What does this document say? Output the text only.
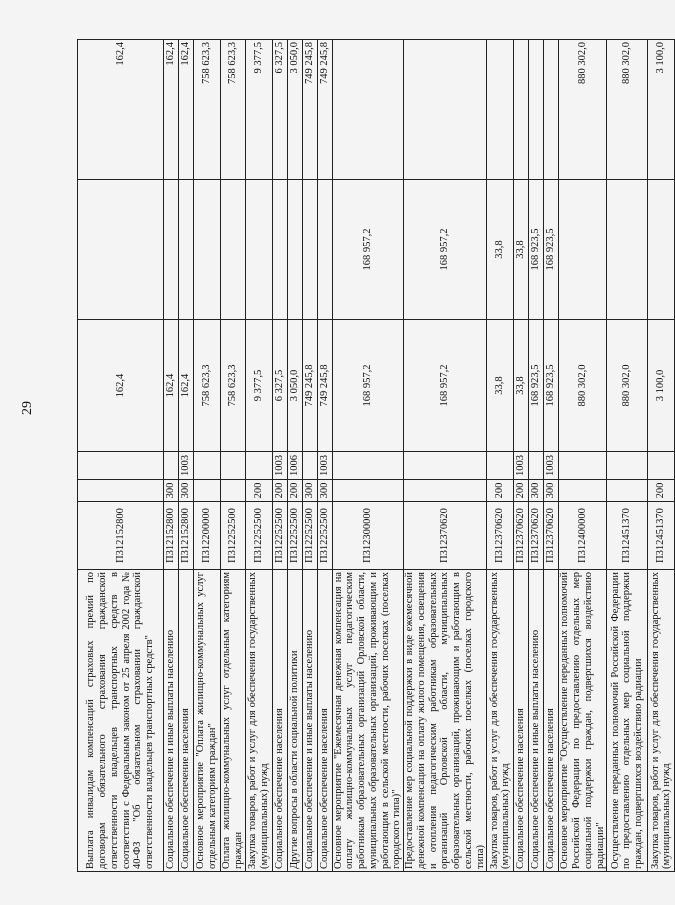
29
Выплата инвалидам компенсаций страховых премий по договорам обязательного страхования гражданской ответственности владельцев транспортных средств в соответствии с Федеральным законом от 25 апреля 2002 года № 40-ФЗ "Об обязательном страховании гражданской ответственности владельцев транспортных средств"	П312152800			162,4		162,4
Социальное обеспечение и иные выплаты населению	П312152800	300		162,4		162,4
Социальное обеспечение населения	П312152800	300	1003	162,4		162,4
Основное мероприятие "Оплата жилищно-коммунальных услуг отдельным категориям граждан"	П312200000			758 623,3		758 623,3
Оплата жилищно-коммунальных услуг отдельным категориям граждан	П312252500			758 623,3		758 623,3
Закупка товаров, работ и услуг для обеспечения государственных (муниципальных) нужд	П312252500	200		9 377,5		9 377,5
Социальное обеспечение населения	П312252500	200	1003	6 327,5		6 327,5
Другие вопросы в области социальной политики	П312252500	200	1006	3 050,0		3 050,0
Социальное обеспечение и иные выплаты населению	П312252500	300		749 245,8		749 245,8
Социальное обеспечение населения	П312252500	300	1003	749 245,8		749 245,8
Основное мероприятие "Ежемесячная денежная компенсация на оплату жилищно-коммунальных услуг педагогическим работникам образовательных организаций Орловской области, муниципальных образовательных организаций, проживающим и работающим в сельской местности, рабочих поселках (поселках городского типа)"	П312300000			168 957,2	168 957,2	
Предоставление мер социальной поддержки в виде ежемесячной денежной компенсации на оплату жилого помещения, освещения и отопления педагогическим работникам образовательных организаций Орловской области, муниципальных образовательных организаций, проживающим и работающим в сельской местности, рабочих поселках (поселках городского типа)	П312370620			168 957,2	168 957,2	
Закупка товаров, работ и услуг для обеспечения государственных (муниципальных) нужд	П312370620	200		33,8	33,8	
Социальное обеспечение населения	П312370620	200	1003	33,8	33,8	
Социальное обеспечение и иные выплаты населению	П312370620	300		168 923,5	168 923,5	
Социальное обеспечение населения	П312370620	300	1003	168 923,5	168 923,5	
Основное мероприятие "Осуществление переданных полномочий Российской Федерации по предоставлению отдельных мер социальной поддержки граждан, подвергшихся воздействию радиации"	П312400000			880 302,0		880 302,0
Осуществление переданных полномочий Российской Федерации по предоставлению отдельных мер социальной поддержки граждан, подвергшихся воздействию радиации	П312451370			880 302,0		880 302,0
Закупка товаров, работ и услуг для обеспечения государственных (муниципальных) нужд	П312451370	200		3 100,0		3 100,0
